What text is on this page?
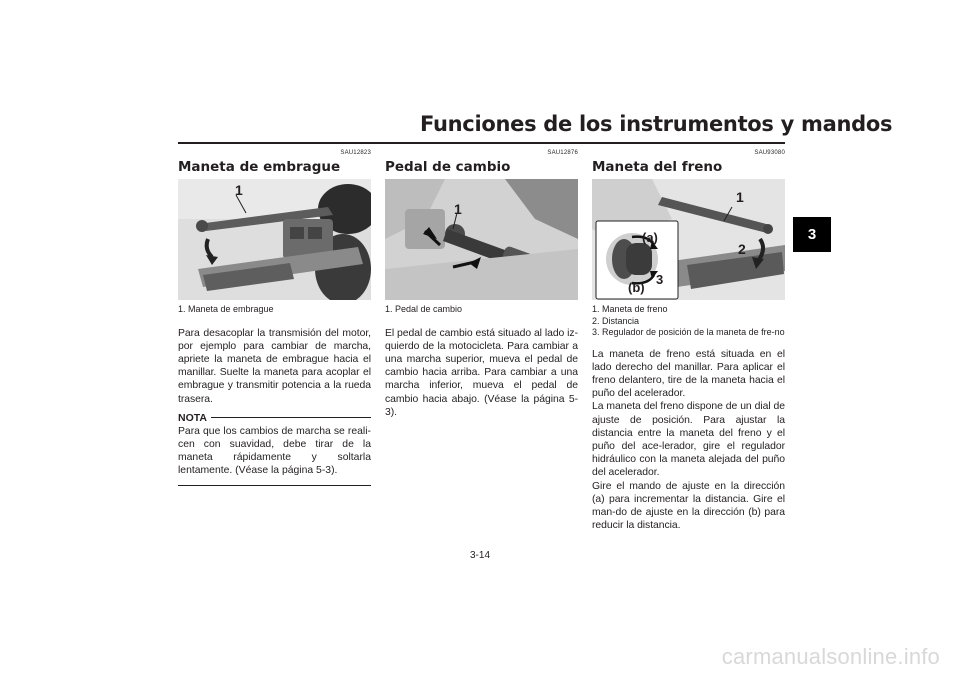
Funciones de los instrumentos y mandos
3
SAU12823
Maneta de embrague
1
1. Maneta de embrague
Para desacoplar la transmisión del motor, por ejemplo para cambiar de marcha, apriete la maneta de embrague hacia el manillar. Suelte la maneta para acoplar el embrague y transmitir potencia a la rueda trasera.
NOTA
Para que los cambios de marcha se reali-cen con suavidad, debe tirar de la maneta rápidamente y soltarla lentamente. (Véase la página 5-3).
SAU12876
Pedal de cambio
1
1. Pedal de cambio
El pedal de cambio está situado al lado iz-quierdo de la motocicleta. Para cambiar a una marcha superior, mueva el pedal de cambio hacia arriba. Para cambiar a una marcha inferior, mueva el pedal de cambio hacia abajo. (Véase la página 5-3).
SAU93080
Maneta del freno
1
2
(a)
3
(b)
1. Maneta de freno
2. Distancia
3. Regulador de posición de la maneta de fre-no
La maneta de freno está situada en el lado derecho del manillar. Para aplicar el freno delantero, tire de la maneta hacia el puño del acelerador.
La maneta del freno dispone de un dial de ajuste de posición. Para ajustar la distancia entre la maneta del freno y el puño del ace-lerador, gire el regulador hidráulico con la maneta alejada del puño del acelerador.
Gire el mando de ajuste en la dirección (a) para incrementar la distancia. Gire el man-do de ajuste en la dirección (b) para reducir la distancia.
3-14
carmanualsonline.info
